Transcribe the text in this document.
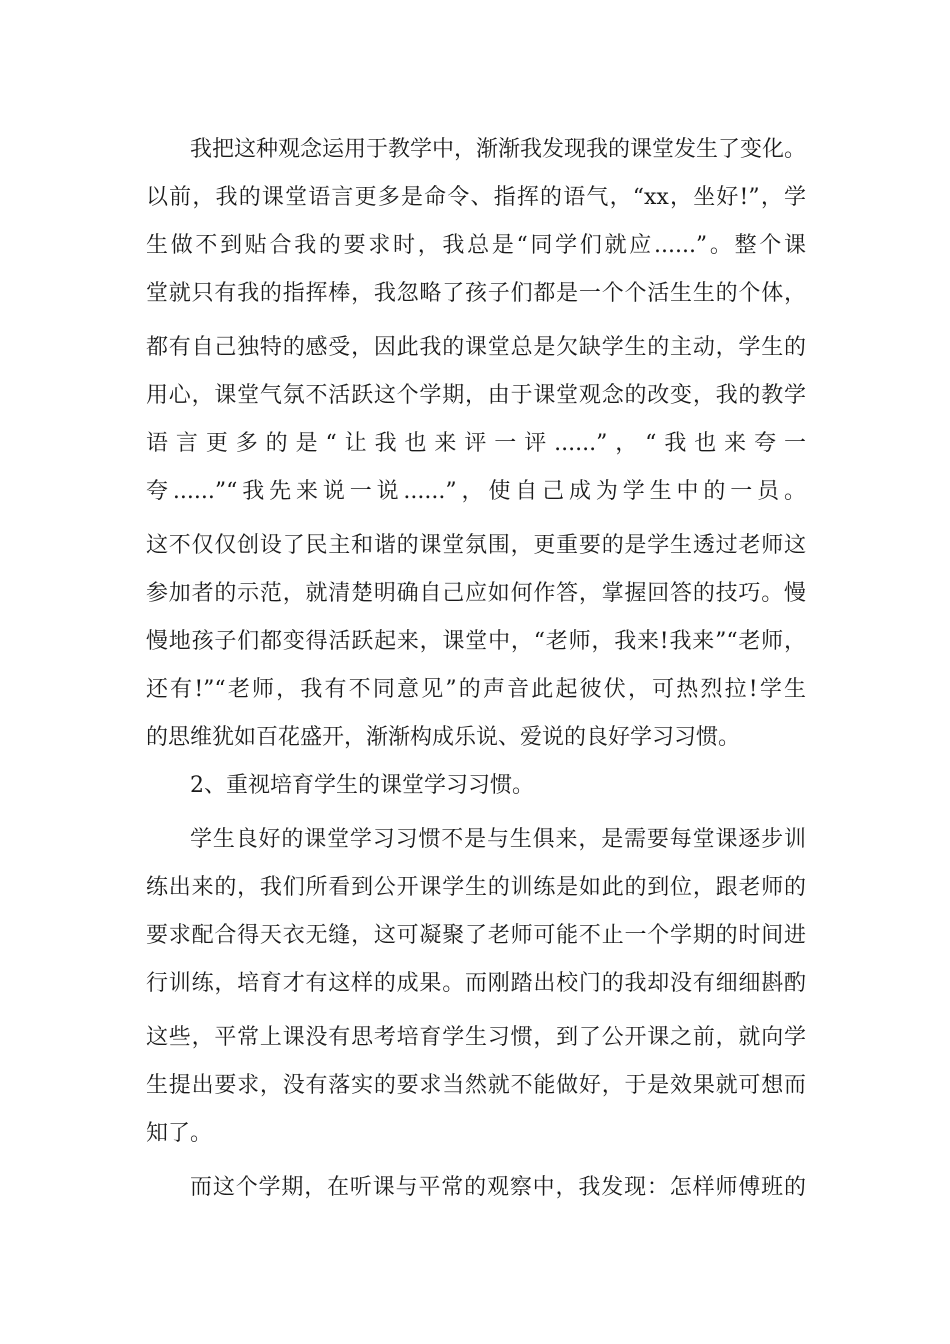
我把这种观念运用于教学中，渐渐我发现我的课堂发生了变化。
以前，我的课堂语言更多是命令、指挥的语气，“xx，坐好!”，学
生做不到贴合我的要求时，我总是“同学们就应......”。整个课
堂就只有我的指挥棒，我忽略了孩子们都是一个个活生生的个体，
都有自己独特的感受，因此我的课堂总是欠缺学生的主动，学生的
用心，课堂气氛不活跃这个学期，由于课堂观念的改变，我的教学
语言更多的是“让我也来评一评......”，“我也来夸一
夸......”“我先来说一说......”，使自己成为学生中的一员。
这不仅仅创设了民主和谐的课堂氛围，更重要的是学生透过老师这
参加者的示范，就清楚明确自己应如何作答，掌握回答的技巧。慢
慢地孩子们都变得活跃起来，课堂中，“老师，我来!我来”“老师，
还有!”“老师，我有不同意见”的声音此起彼伏，可热烈拉!学生
的思维犹如百花盛开，渐渐构成乐说、爱说的良好学习习惯。
2、重视培育学生的课堂学习习惯。
学生良好的课堂学习习惯不是与生俱来，是需要每堂课逐步训
练出来的，我们所看到公开课学生的训练是如此的到位，跟老师的
要求配合得天衣无缝，这可凝聚了老师可能不止一个学期的时间进
行训练，培育才有这样的成果。而刚踏出校门的我却没有细细斟酌
这些，平常上课没有思考培育学生习惯，到了公开课之前，就向学
生提出要求，没有落实的要求当然就不能做好，于是效果就可想而
知了。
而这个学期，在听课与平常的观察中，我发现：怎样师傅班的
